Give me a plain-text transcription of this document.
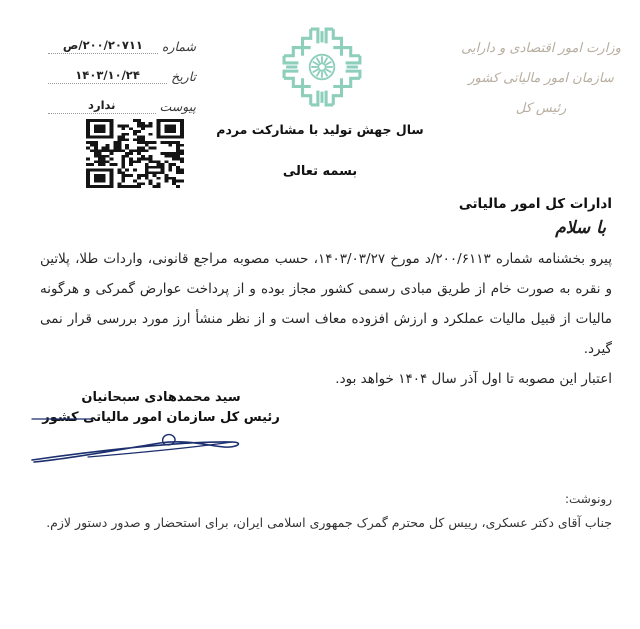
شماره
۲۰۰/۲۰۷۱۱/ص
تاریخ
۱۴۰۳/۱۰/۲۴
پیوست
ندارد
وزارت امور اقتصادی و دارایی
سازمان امور مالیاتی کشور
رئیس کل
سال جهش تولید با مشارکت مردم
بسمه تعالی
ادارات کل امور مالیاتی
با سلام
پیرو بخشنامه شماره ۲۰۰/۶۱۱۳/د مورخ ۱۴۰۳/۰۳/۲۷، حسب مصوبه مراجع قانونی، واردات طلا، پلاتین و نقره به صورت خام از طریق مبادی رسمی کشور مجاز بوده و از پرداخت عوارض گمرکی و هرگونه مالیات از قبیل مالیات عملکرد و ارزش افزوده معاف است و از نظر منشأ ارز مورد بررسی قرار نمی گیرد.
اعتبار این مصوبه تا اول آذر سال ۱۴۰۴ خواهد بود.
سید محمدهادی سبحانیان
رئیس کل سازمان امور مالیاتی کشور
رونوشت:
جناب آقای دکتر عسکری، رییس کل محترم گمرک جمهوری اسلامی ایران، برای استحضار و صدور دستور لازم.
